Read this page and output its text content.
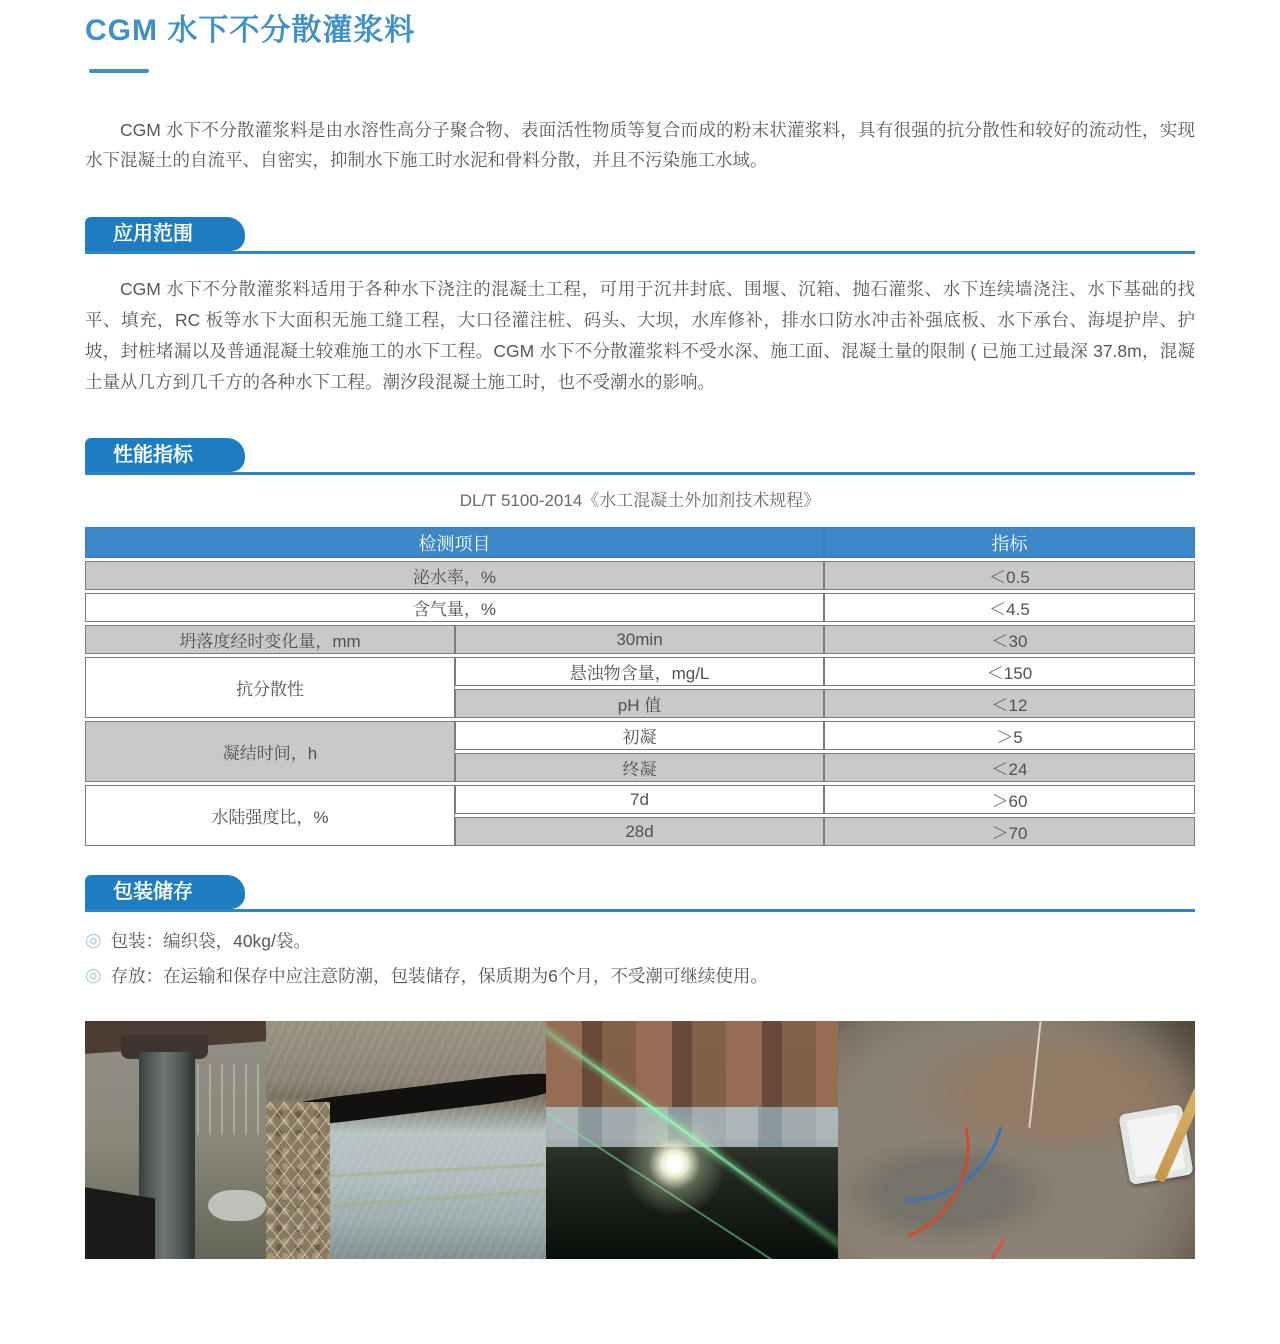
CGM 水下不分散灌浆料

CGM 水下不分散灌浆料是由水溶性高分子聚合物、表面活性物质等复合而成的粉末状灌浆料，具有很强的抗分散性和较好的流动性，实现水下混凝土的自流平、自密实，抑制水下施工时水泥和骨料分散，并且不污染施工水域。

应用范围

CGM 水下不分散灌浆料适用于各种水下浇注的混凝土工程，可用于沉井封底、围堰、沉箱、抛石灌浆、水下连续墙浇注、水下基础的找平、填充，RC 板等水下大面积无施工缝工程，大口径灌注桩、码头、大坝，水库修补，排水口防水冲击补强底板、水下承台、海堤护岸、护坡，封桩堵漏以及普通混凝土较难施工的水下工程。CGM 水下不分散灌浆料不受水深、施工面、混凝土量的限制 ( 已施工过最深 37.8m，混凝土量从几方到几千方的各种水下工程。潮汐段混凝土施工时，也不受潮水的影响。

性能指标

DL/T 5100-2014《水工混凝土外加剂技术规程》

检测项目		指标
泌水率，%		＜0.5
含气量，%		＜4.5
坍落度经时变化量，mm	30min	＜30
抗分散性	悬浊物含量，mg/L	＜150
	pH 值	＜12
凝结时间，h	初凝	＞5
	终凝	＜24
水陆强度比，%	7d	＞60
	28d	＞70
包装储存
◎ 包装：编织袋，40kg/袋。
◎ 存放：在运输和保存中应注意防潮，包装储存，保质期为6个月，不受潮可继续使用。
